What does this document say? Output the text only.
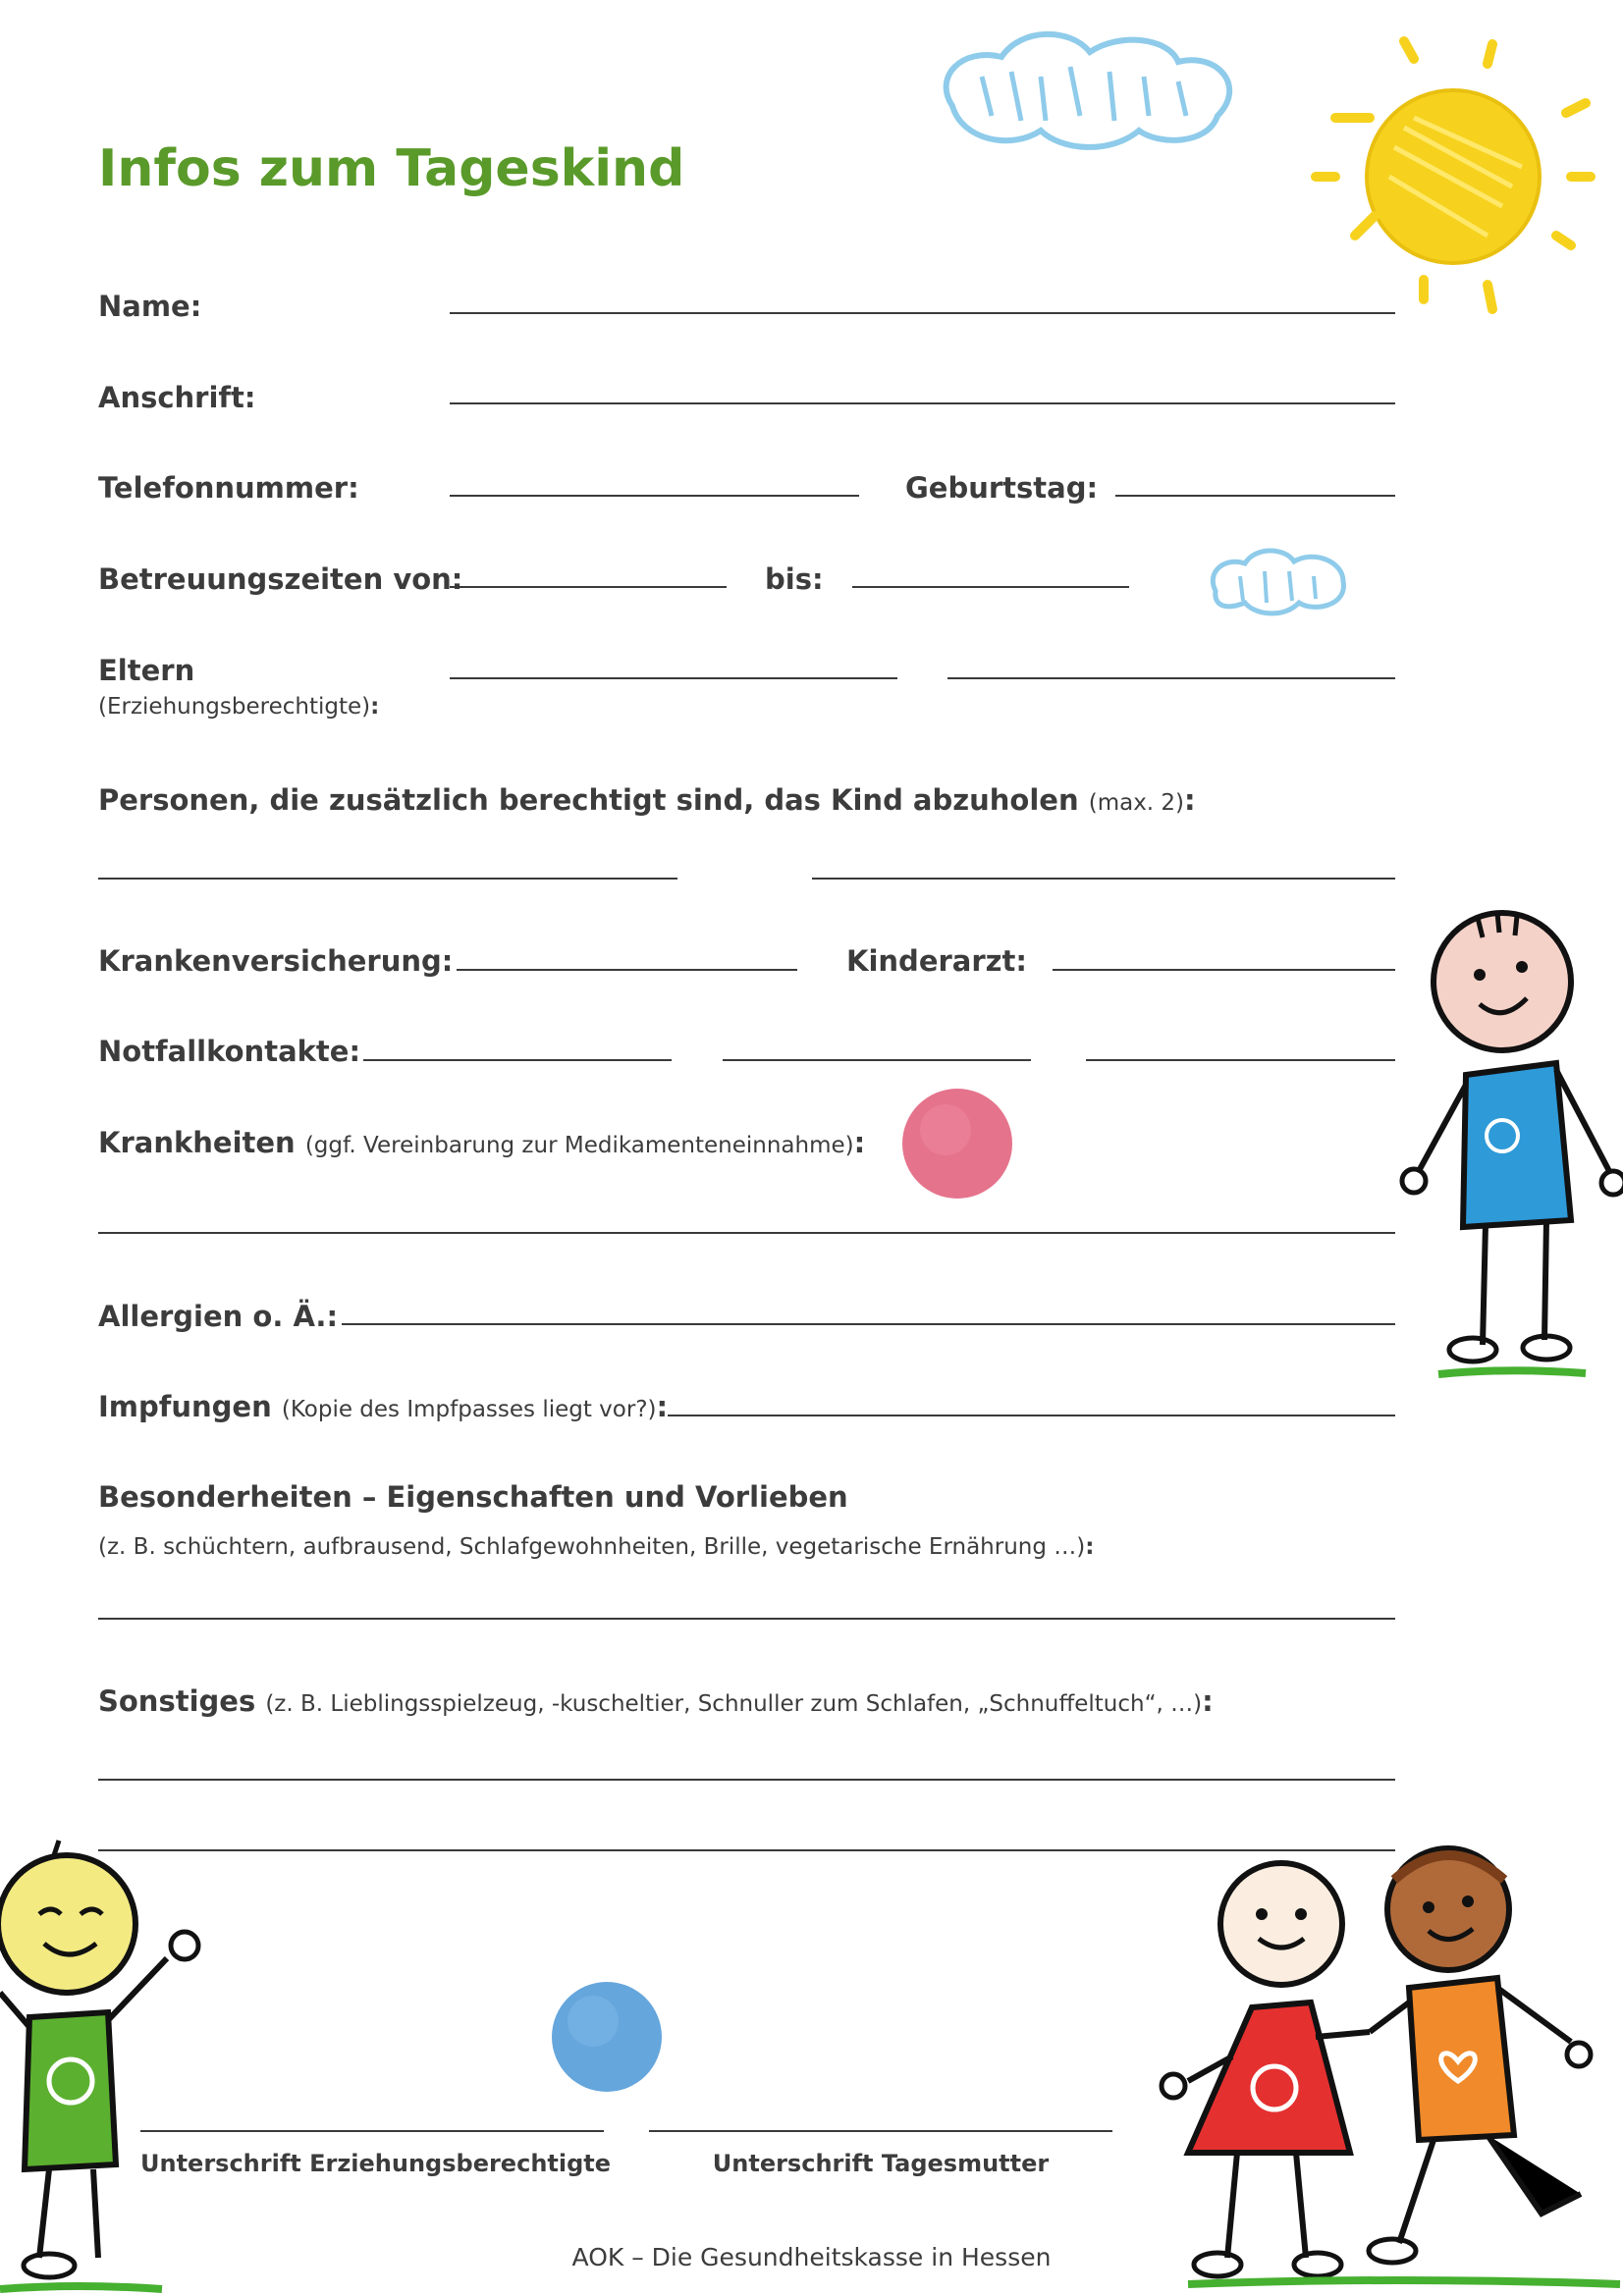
Infos zum Tageskind
Name:
Anschrift:
Telefonnummer:	Geburtstag:
Betreuungszeiten von:	bis:
Eltern
(Erziehungsberechtigte):
Personen, die zusätzlich berechtigt sind, das Kind abzuholen (max. 2):
Krankenversicherung:	Kinderarzt:
Notfallkontakte:
Krankheiten (ggf. Vereinbarung zur Medikamenteneinnahme):
Allergien o. Ä.:
Impfungen (Kopie des Impfpasses liegt vor?):
Besonderheiten – Eigenschaften und Vorlieben
(z. B. schüchtern, aufbrausend, Schlafgewohnheiten, Brille, vegetarische Ernährung …):
Sonstiges (z. B. Lieblingsspielzeug, -kuscheltier, Schnuller zum Schlafen, „Schnuffeltuch“, …):
Unterschrift Erziehungsberechtigte	Unterschrift Tagesmutter
AOK – Die Gesundheitskasse in Hessen
